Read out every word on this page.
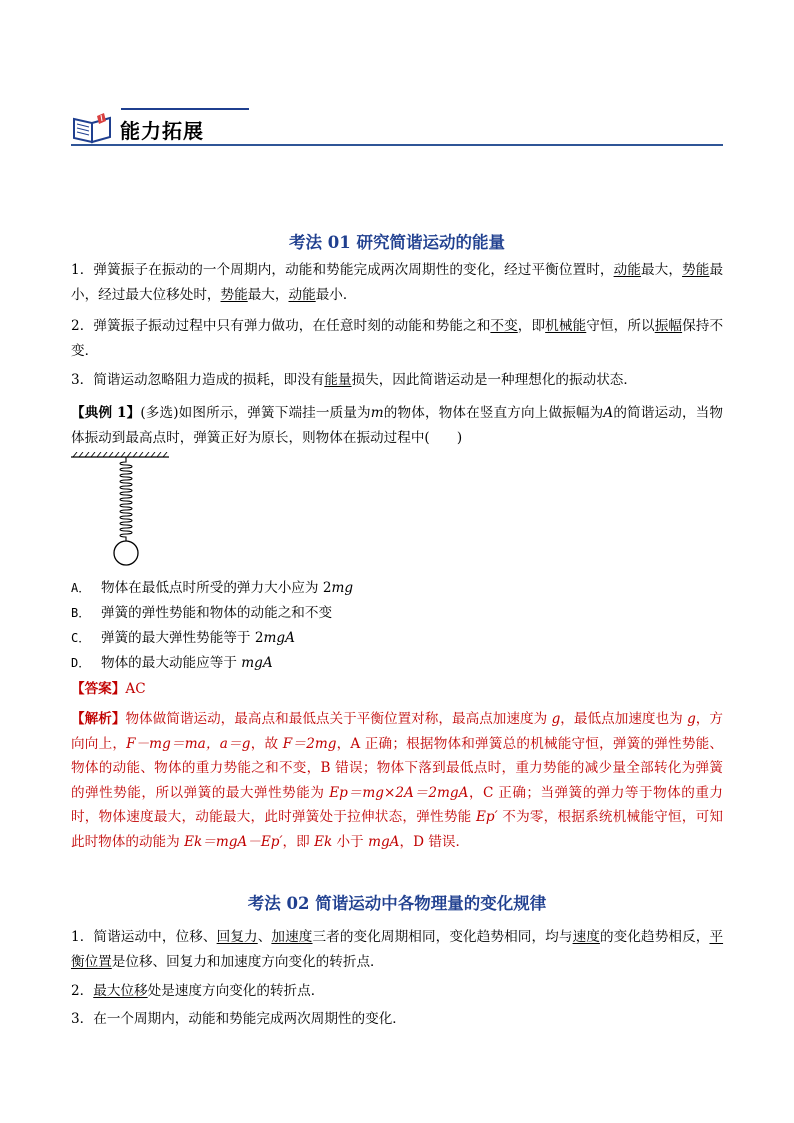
能力拓展
考法 01 研究简谐运动的能量
1．弹簧振子在振动的一个周期内，动能和势能完成两次周期性的变化，经过平衡位置时，动能最大，势能最小，经过最大位移处时，势能最大，动能最小．
2．弹簧振子振动过程中只有弹力做功，在任意时刻的动能和势能之和不变，即机械能守恒，所以振幅保持不变．
3．简谐运动忽略阻力造成的损耗，即没有能量损失，因此简谐运动是一种理想化的振动状态．
【典例 1】(多选)如图所示，弹簧下端挂一质量为m的物体，物体在竖直方向上做振幅为A的简谐运动，当物体振动到最高点时，弹簧正好为原长，则物体在振动过程中(　　)
A． 物体在最低点时所受的弹力大小应为 2mg
B． 弹簧的弹性势能和物体的动能之和不变
C． 弹簧的最大弹性势能等于 2mgA
D． 物体的最大动能应等于 mgA
【答案】AC
【解析】物体做简谐运动，最高点和最低点关于平衡位置对称，最高点加速度为 g，最低点加速度也为 g，方向向上，F－mg＝ma，a＝g，故 F＝2mg，A 正确；根据物体和弹簧总的机械能守恒，弹簧的弹性势能、物体的动能、物体的重力势能之和不变，B 错误；物体下落到最低点时，重力势能的减少量全部转化为弹簧的弹性势能，所以弹簧的最大弹性势能为 Ep＝mg×2A＝2mgA，C 正确；当弹簧的弹力等于物体的重力时，物体速度最大，动能最大，此时弹簧处于拉伸状态，弹性势能 Ep′ 不为零，根据系统机械能守恒，可知此时物体的动能为 Ek＝mgA－Ep′，即 Ek 小于 mgA，D 错误．
考法 02 简谐运动中各物理量的变化规律
1．简谐运动中，位移、回复力、加速度三者的变化周期相同，变化趋势相同，均与速度的变化趋势相反，平衡位置是位移、回复力和加速度方向变化的转折点．
2．最大位移处是速度方向变化的转折点．
3．在一个周期内，动能和势能完成两次周期性的变化．
